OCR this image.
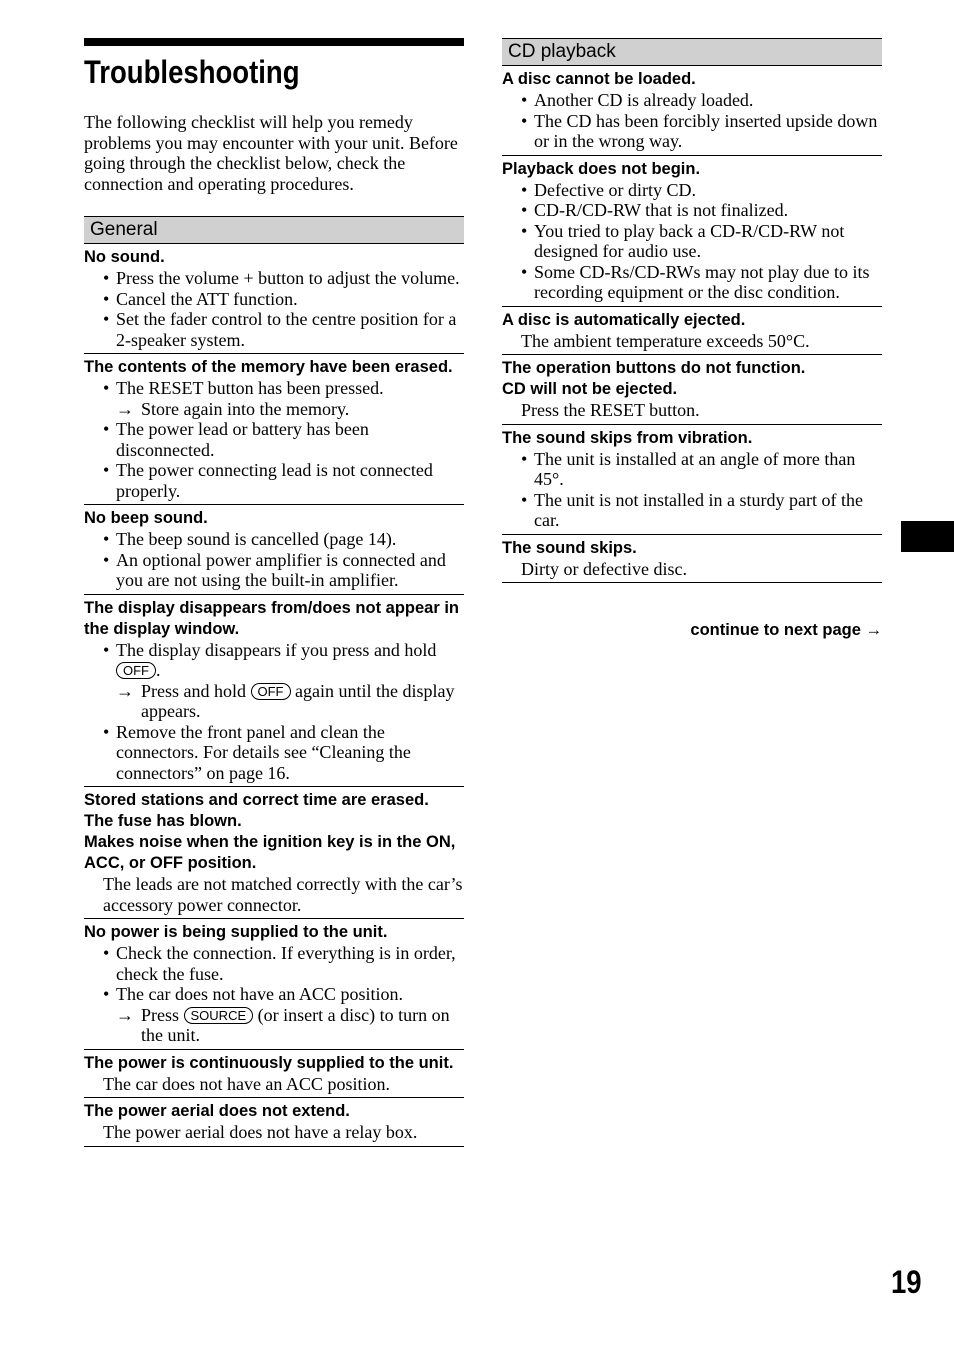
Troubleshooting

The following checklist will help you remedy problems you may encounter with your unit. Before going through the checklist below, check the connection and operating procedures.

General
No sound.
• Press the volume + button to adjust the volume.
• Cancel the ATT function.
• Set the fader control to the centre position for a 2-speaker system.
The contents of the memory have been erased.
• The RESET button has been pressed.
→ Store again into the memory.
• The power lead or battery has been disconnected.
• The power connecting lead is not connected properly.
No beep sound.
• The beep sound is cancelled (page 14).
• An optional power amplifier is connected and you are not using the built-in amplifier.
The display disappears from/does not appear in the display window.
• The display disappears if you press and hold OFF .
→ Press and hold OFF again until the display appears.
• Remove the front panel and clean the connectors. For details see “Cleaning the connectors” on page 16.
Stored stations and correct time are erased.
The fuse has blown.
Makes noise when the ignition key is in the ON, ACC, or OFF position.
The leads are not matched correctly with the car’s accessory power connector.
No power is being supplied to the unit.
• Check the connection. If everything is in order, check the fuse.
• The car does not have an ACC position.
→ Press SOURCE (or insert a disc) to turn on the unit.
The power is continuously supplied to the unit.
The car does not have an ACC position.
The power aerial does not extend.
The power aerial does not have a relay box.
CD playback
A disc cannot be loaded.
• Another CD is already loaded.
• The CD has been forcibly inserted upside down or in the wrong way.
Playback does not begin.
• Defective or dirty CD.
• CD-R/CD-RW that is not finalized.
• You tried to play back a CD-R/CD-RW not designed for audio use.
• Some CD-Rs/CD-RWs may not play due to its recording equipment or the disc condition.
A disc is automatically ejected.
The ambient temperature exceeds 50°C.
The operation buttons do not function.
CD will not be ejected.
Press the RESET button.
The sound skips from vibration.
• The unit is installed at an angle of more than 45°.
• The unit is not installed in a sturdy part of the car.
The sound skips.
Dirty or defective disc.
continue to next page →
19
